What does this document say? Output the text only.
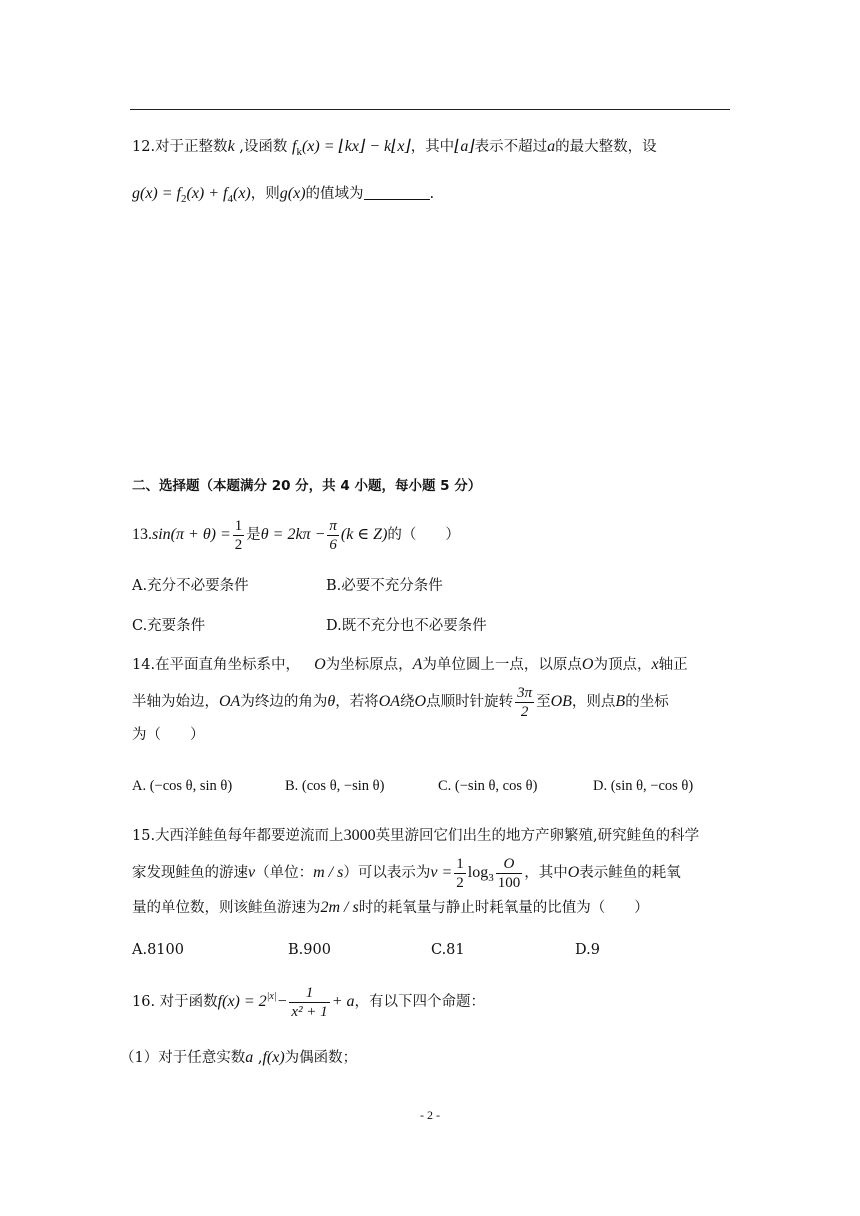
12.对于正整数k ,设函数 $f_k(x)$ = ⌊kx⌋ − k⌊x⌋，其中⌊a⌋表示不超过a的最大整数，设
$g(x) = f_2(x) + f_4(x)$，则g(x)的值域为	.
二、选择题（本题满分 20 分，共 4 小题，每小题 5 分）
$13.\sin(\pi + \theta) = \frac{1}{2}$ 是$\theta = 2k\pi - \frac{\pi}{6} (k$ ∈ Z)的（　　）
A.充分不必要条件	B.必要不充分条件
C.充要条件	D.既不充分也不必要条件
14.在平面直角坐标系中， O为坐标原点，A为单位圆上一点，以原点O为顶点，x轴正
半轴为始边，OA为终边的角为θ，若将OA绕O点顺时针旋转 $\frac{3\pi}{2}$ 至OB，则点B的坐标
为（　　）
A. (−cos θ, sin θ)	B. (cos θ, −sin θ)	C. (−sin θ, cos θ)	D. (sin θ, −cos θ)
15.大西洋鲑鱼每年都要逆流而上3000英里游回它们出生的地方产卵繁殖,研究鲑鱼的科学
家发现鲑鱼的游速v（单位：m / s）可以表示为$v = \frac{1}{2} \log_3 \frac{O}{100}$ ，其中O表示鲑鱼的耗氧
量的单位数，则该鲑鱼游速为2m / s时的耗氧量与静止时耗氧量的比值为（　　）
A.8100	B.900	C.81	D.9
16. 对于函数$f(x) = 2^{|x|}- \frac{1}{\text{x² + 1}} + a$，有以下四个命题：
（1）对于任意实数a ,f(x)为偶函数；
- 2 -
